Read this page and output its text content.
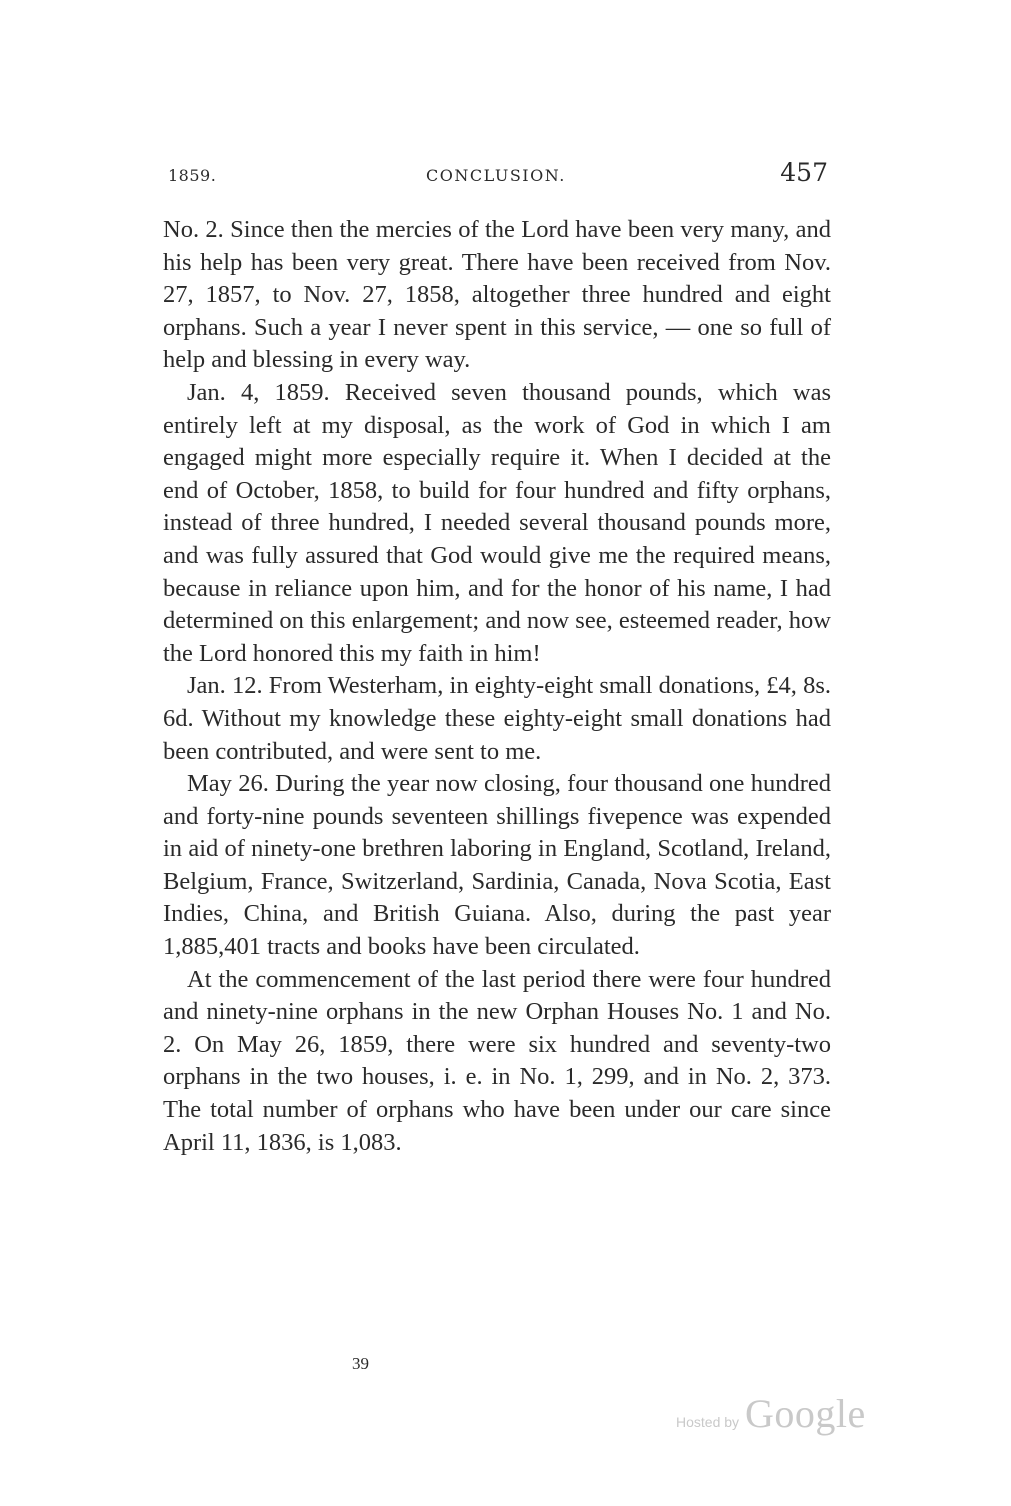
1859.	CONCLUSION.	457

No. 2. Since then the mercies of the Lord have been very many, and his help has been very great. There have been received from Nov. 27, 1857, to Nov. 27, 1858, altogether three hundred and eight orphans. Such a year I never spent in this service, — one so full of help and blessing in every way.

Jan. 4, 1859. Received seven thousand pounds, which was entirely left at my disposal, as the work of God in which I am engaged might more especially require it. When I decided at the end of October, 1858, to build for four hundred and fifty orphans, instead of three hundred, I needed several thousand pounds more, and was fully assured that God would give me the required means, because in reliance upon him, and for the honor of his name, I had determined on this enlargement; and now see, esteemed reader, how the Lord honored this my faith in him!

Jan. 12. From Westerham, in eighty-eight small donations, £4, 8s. 6d. Without my knowledge these eighty-eight small donations had been contributed, and were sent to me.

May 26. During the year now closing, four thousand one hundred and forty-nine pounds seventeen shillings fivepence was expended in aid of ninety-one brethren laboring in England, Scotland, Ireland, Belgium, France, Switzerland, Sardinia, Canada, Nova Scotia, East Indies, China, and British Guiana. Also, during the past year 1,885,401 tracts and books have been circulated.

At the commencement of the last period there were four hundred and ninety-nine orphans in the new Orphan Houses No. 1 and No. 2. On May 26, 1859, there were six hundred and seventy-two orphans in the two houses, i. e. in No. 1, 299, and in No. 2, 373. The total number of orphans who have been under our care since April 11, 1836, is 1,083.

39
Hosted by Google
